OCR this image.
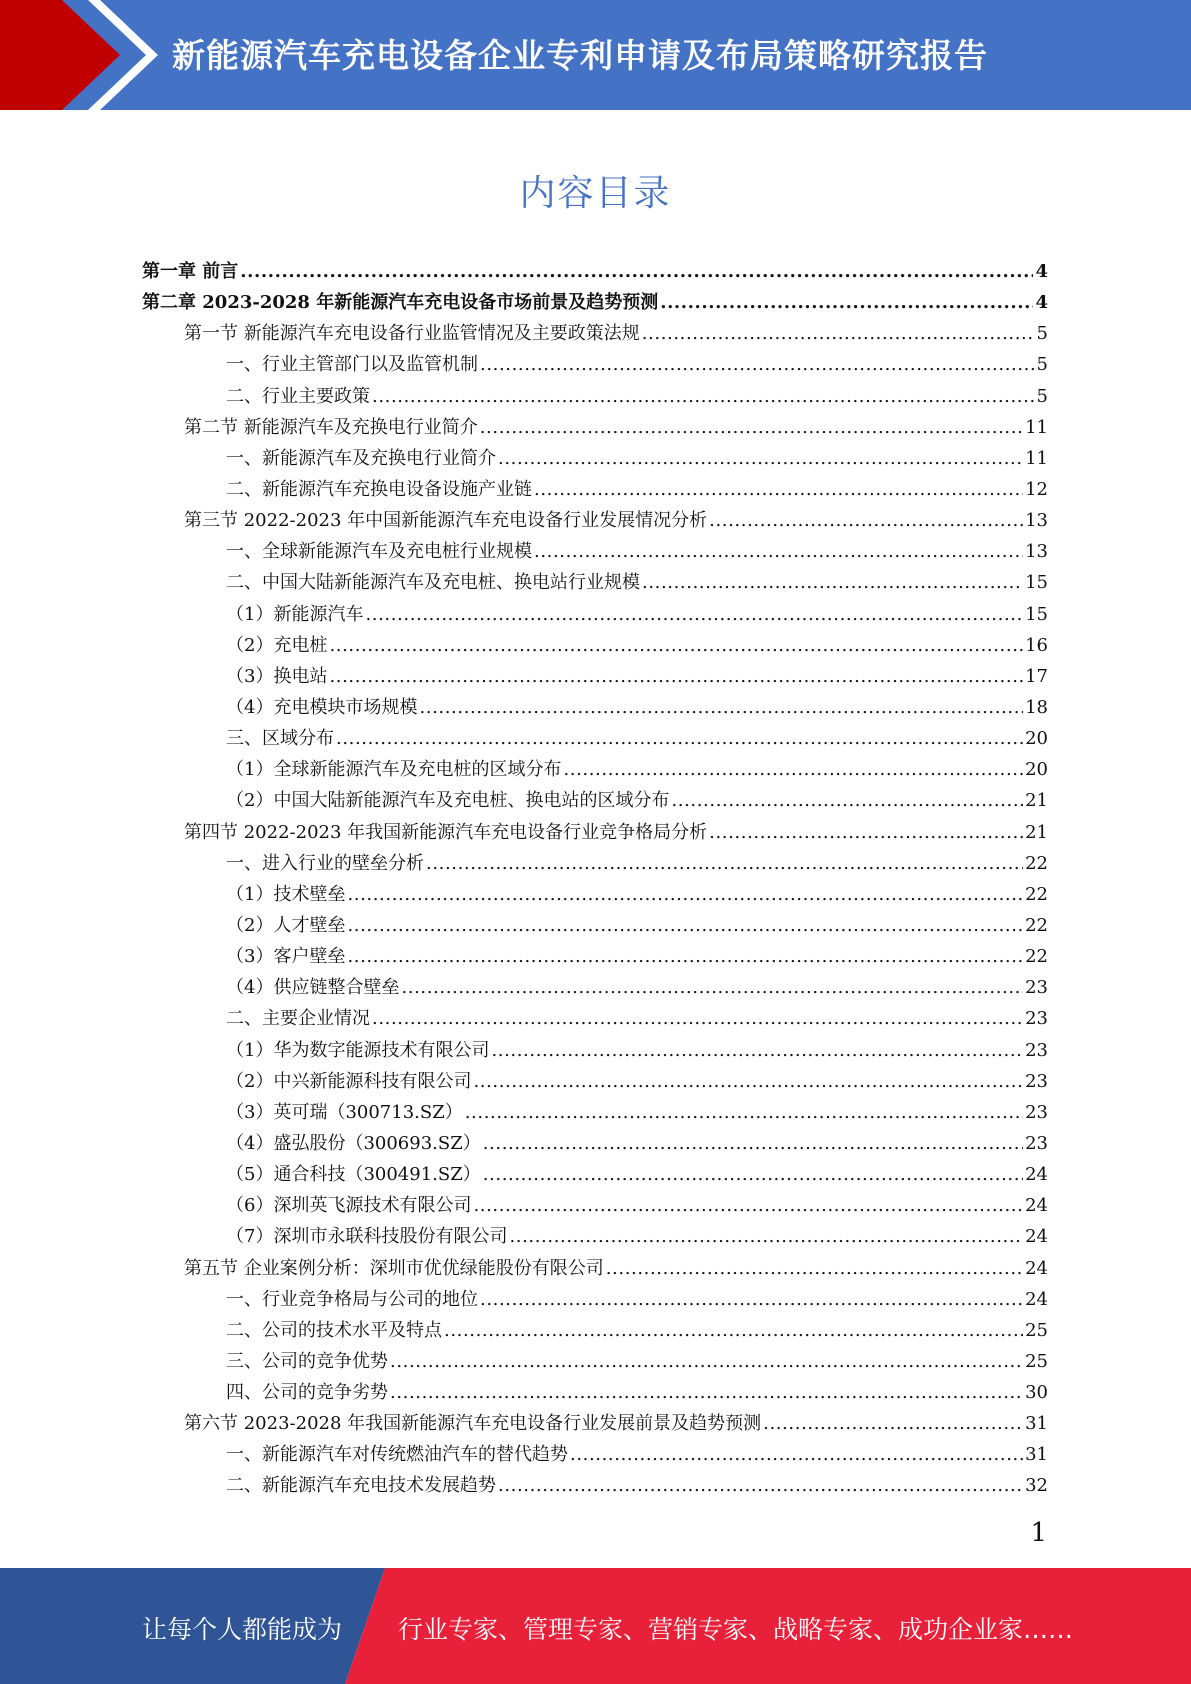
新能源汽车充电设备企业专利申请及布局策略研究报告
内容目录
第一章 前言 .....	4
第二章 2023-2028 年新能源汽车充电设备市场前景及趋势预测 .....	4
第一节 新能源汽车充电设备行业监管情况及主要政策法规 .....	5
一、行业主管部门以及监管机制 .....	5
二、行业主要政策 .....	5
第二节 新能源汽车及充换电行业简介 .....	11
一、新能源汽车及充换电行业简介 .....	11
二、新能源汽车充换电设备设施产业链 .....	12
第三节 2022-2023 年中国新能源汽车充电设备行业发展情况分析 .....	13
一、全球新能源汽车及充电桩行业规模 .....	13
二、中国大陆新能源汽车及充电桩、换电站行业规模 .....	15
（1）新能源汽车 .....	15
（2）充电桩 .....	16
（3）换电站 .....	17
（4）充电模块市场规模 .....	18
三、区域分布 .....	20
（1）全球新能源汽车及充电桩的区域分布 .....	20
（2）中国大陆新能源汽车及充电桩、换电站的区域分布 .....	21
第四节 2022-2023 年我国新能源汽车充电设备行业竞争格局分析 .....	21
一、进入行业的壁垒分析 .....	22
（1）技术壁垒 .....	22
（2）人才壁垒 .....	22
（3）客户壁垒 .....	22
（4）供应链整合壁垒 .....	23
二、主要企业情况 .....	23
（1）华为数字能源技术有限公司 .....	23
（2）中兴新能源科技有限公司 .....	23
（3）英可瑞（300713.SZ） .....	23
（4）盛弘股份（300693.SZ） .....	23
（5）通合科技（300491.SZ） .....	24
（6）深圳英飞源技术有限公司 .....	24
（7）深圳市永联科技股份有限公司 .....	24
第五节 企业案例分析：深圳市优优绿能股份有限公司 .....	24
一、行业竞争格局与公司的地位 .....	24
二、公司的技术水平及特点 .....	25
三、公司的竞争优势 .....	25
四、公司的竞争劣势 .....	30
第六节 2023-2028 年我国新能源汽车充电设备行业发展前景及趋势预测 .....	31
一、新能源汽车对传统燃油汽车的替代趋势 .....	31
二、新能源汽车充电技术发展趋势 .....	32
1
让每个人都能成为 行业专家、管理专家、营销专家、战略专家、成功企业家……
